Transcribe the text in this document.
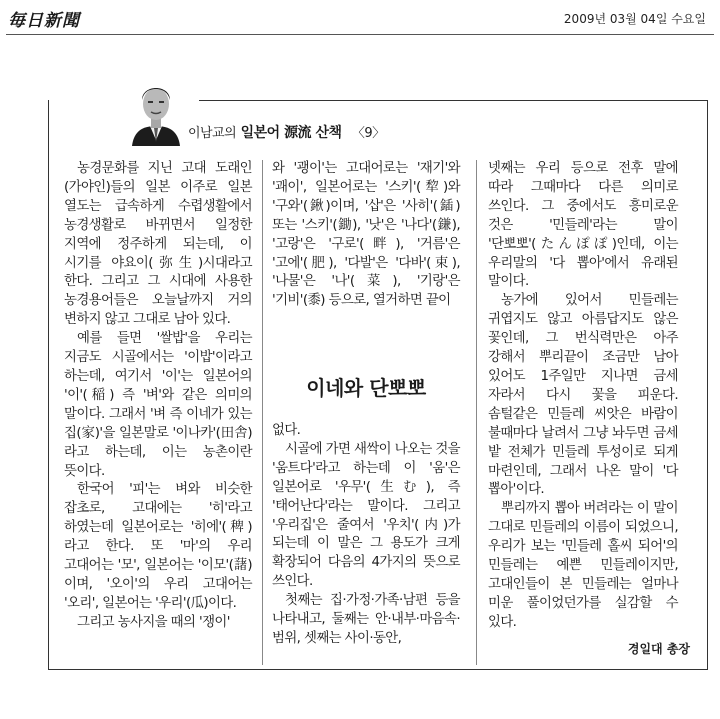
毎日新聞	2009년 03월 04일 수요일
이남교의 일본어 源流 산책 〈9〉

농경문화를 지닌 고대 도래인(가야인)들의 일본 이주로 일본 열도는 급속하게 수렵생활에서 농경생활로 바뀌면서 일정한 지역에 정주하게 되는데, 이 시기를 야요이(弥生)시대라고 한다. 그리고 그 시대에 사용한 농경용어들은 오늘날까지 거의 변하지 않고 그대로 남아 있다.

예를 들면 '쌀밥'을 우리는 지금도 시골에서는 '이밥'이라고 하는데, 여기서 '이'는 일본어의 '이'(稲) 즉 '벼'와 같은 의미의 말이다. 그래서 '벼 즉 이네가 있는 집(家)'을 일본말로 '이나카'(田舎)라고 하는데, 이는 농촌이란 뜻이다.

한국어 '피'는 벼와 비슷한 잡초로, 고대에는 '히'라고 하였는데 일본어로는 '히에'(稗)라고 한다. 또 '마'의 우리 고대어는 '모', 일본어는 '이모'(藷)이며, '오이'의 우리 고대어는 '오리', 일본어는 '우리'(瓜)이다.

그리고 농사지을 때의 '쟁이'

와 '괭이'는 고대어로는 '재기'와 '괘이', 일본어로는 '스키'(犂)와 '구와'(鍬)이며, '삽'은 '사히'(鍤) 또는 '스키'(鋤), '낫'은 '나다'(鎌), '고랑'은 '구로'(畔), '거름'은 '고에'(肥), '다발'은 '다바'(束), '나물'은 '나'(菜), '기랑'은 '기비'(黍) 등으로, 열거하면 끝이

이네와 단뽀뽀

없다.

시골에 가면 새싹이 나오는 것을 '움트다'라고 하는데 이 '움'은 일본어로 '우무'(生む), 즉 '태어난다'라는 말이다. 그리고 '우리집'은 줄여서 '우치'(内)가 되는데 이 말은 그 용도가 크게 확장되어 다음의 4가지의 뜻으로 쓰인다.

첫째는 집·가정·가족·남편 등을 나타내고, 둘째는 안·내부·마음속·범위, 셋째는 사이·동안,

넷째는 우리 등으로 전후 말에 따라 그때마다 다른 의미로 쓰인다. 그 중에서도 흥미로운 것은 '민들레'라는 말이 '단뽀뽀'(たんぽぽ)인데, 이는 우리말의 '다 뽑아'에서 유래된 말이다.

농가에 있어서 민들레는 귀엽지도 않고 아름답지도 않은 꽃인데, 그 번식력만은 아주 강해서 뿌리끝이 조금만 남아 있어도 1주일만 지나면 금세 자라서 다시 꽃을 피운다. 솜털같은 민들레 씨앗은 바람이 불때마다 날려서 그냥 놔두면 금세 밭 전체가 민들레 투성이로 되게 마련인데, 그래서 나온 말이 '다 뽑아'이다.

뿌리까지 뽑아 버려라는 이 말이 그대로 민들레의 이름이 되었으니, 우리가 보는 '민들레 홀씨 되어'의 민들레는 예쁜 민들레이지만, 고대인들이 본 민들레는 얼마나 미운 풀이었던가를 실감할 수 있다.

경일대 총장
